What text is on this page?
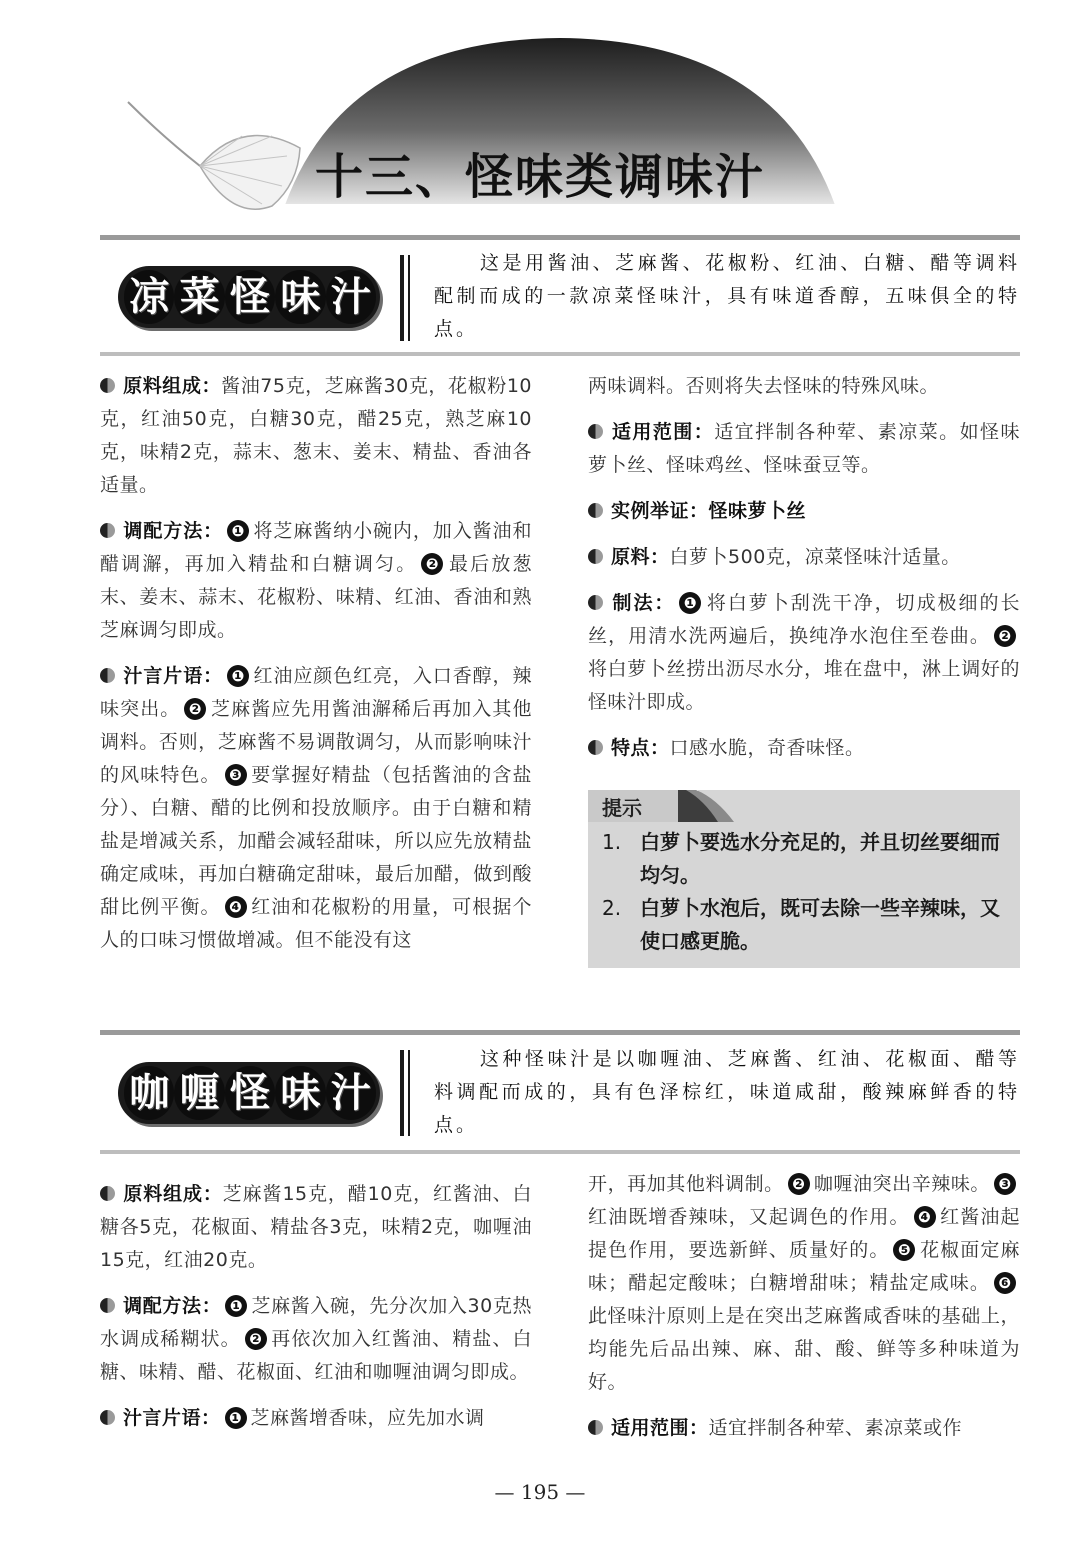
十三、怪味类调味汁
凉 菜 怪 味 汁
这是用酱油、芝麻酱、花椒粉、红油、白糖、醋等调料配制而成的一款凉菜怪味汁，具有味道香醇，五味俱全的特点。

原料组成：酱油75克，芝麻酱30克，花椒粉10克，红油50克，白糖30克，醋25克，熟芝麻10克，味精2克，蒜末、葱末、姜末、精盐、香油各适量。

调配方法： ❶ 将芝麻酱纳小碗内，加入酱油和醋调澥，再加入精盐和白糖调匀。 ❷ 最后放葱末、姜末、蒜末、花椒粉、味精、红油、香油和熟芝麻调匀即成。

汁言片语： ❶ 红油应颜色红亮，入口香醇，辣味突出。 ❷ 芝麻酱应先用酱油澥稀后再加入其他调料。否则，芝麻酱不易调散调匀，从而影响味汁的风味特色。 ❸ 要掌握好精盐（包括酱油的含盐分）、白糖、醋的比例和投放顺序。由于白糖和精盐是增减关系，加醋会减轻甜味，所以应先放精盐确定咸味，再加白糖确定甜味，最后加醋，做到酸甜比例平衡。 ❹ 红油和花椒粉的用量，可根据个人的口味习惯做增减。但不能没有这

两味调料。否则将失去怪味的特殊风味。

适用范围：适宜拌制各种荤、素凉菜。如怪味萝卜丝、怪味鸡丝、怪味蚕豆等。

实例举证：怪味萝卜丝

原料：白萝卜500克，凉菜怪味汁适量。

制法： ❶ 将白萝卜刮洗干净，切成极细的长丝，用清水洗两遍后，换纯净水泡住至卷曲。 ❷将白萝卜丝捞出沥尽水分，堆在盘中，淋上调好的怪味汁即成。

特点：口感水脆，奇香味怪。

提示
1. 白萝卜要选水分充足的，并且切丝要细而均匀。
2. 白萝卜水泡后，既可去除一些辛辣味，又使口感更脆。
咖 喱 怪 味 汁
这种怪味汁是以咖喱油、芝麻酱、红油、花椒面、醋等料调配而成的，具有色泽棕红，味道咸甜，酸辣麻鲜香的特点。

原料组成：芝麻酱15克，醋10克，红酱油、白糖各5克，花椒面、精盐各3克，味精2克，咖喱油15克，红油20克。

调配方法： ❶ 芝麻酱入碗，先分次加入30克热水调成稀糊状。 ❷ 再依次加入红酱油、精盐、白糖、味精、醋、花椒面、红油和咖喱油调匀即成。

汁言片语： ❶ 芝麻酱增香味，应先加水调

开，再加其他料调制。 ❷ 咖喱油突出辛辣味。 ❸红油既增香辣味，又起调色的作用。 ❹ 红酱油起提色作用，要选新鲜、质量好的。 ❺ 花椒面定麻味；醋起定酸味；白糖增甜味；精盐定咸味。 ❻此怪味汁原则上是在突出芝麻酱咸香味的基础上，均能先后品出辣、麻、甜、酸、鲜等多种味道为好。

适用范围：适宜拌制各种荤、素凉菜或作

— 195 —
